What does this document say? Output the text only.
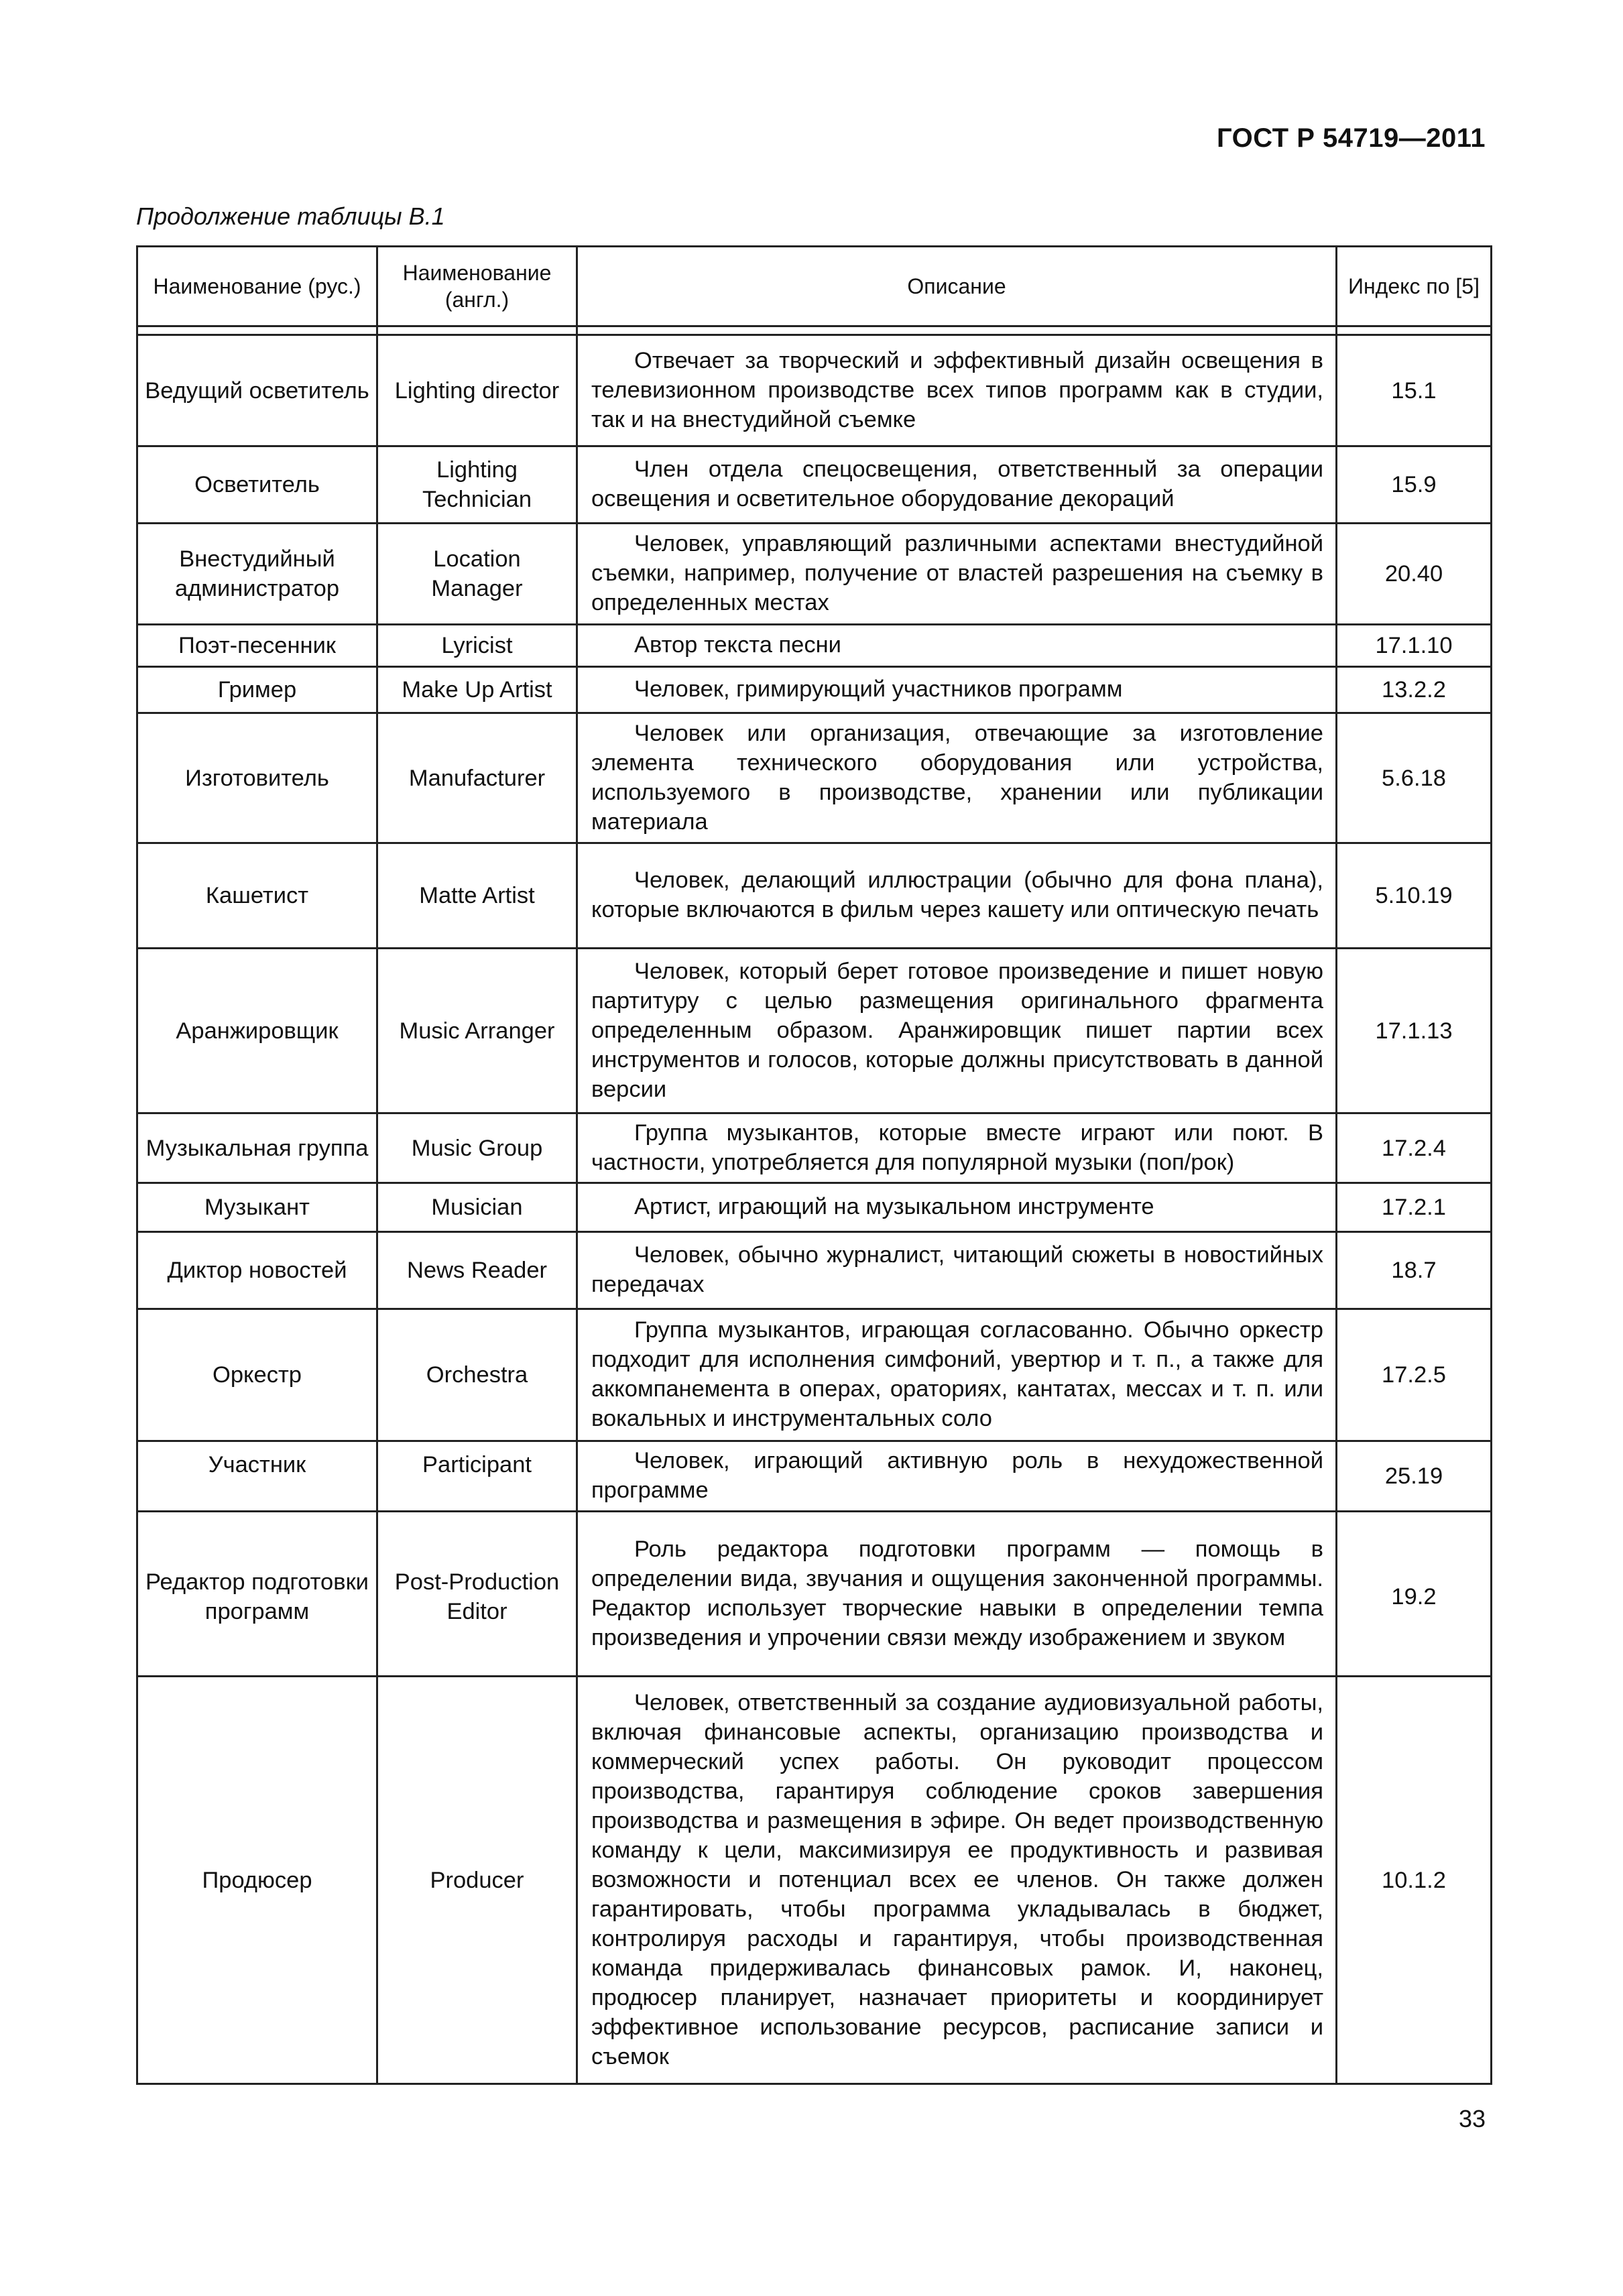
ГОСТ Р 54719—2011
Продолжение таблицы В.1
Наименование (рус.)	Наименование (англ.)	Описание	Индекс по [5]

Ведущий осветитель	Lighting director	Отвечает за творческий и эффективный дизайн освещения в телевизионном производстве всех типов программ как в студии, так и на внестудийной съемке	15.1
Осветитель	Lighting Technician	Член отдела спецосвещения, ответственный за операции освещения и осветительное оборудование декораций	15.9
Внестудийный администратор	Location Manager	Человек, управляющий различными аспектами внестудийной съемки, например, получение от властей разрешения на съемку в определенных местах	20.40
Поэт-песенник	Lyricist	Автор текста песни	17.1.10
Гример	Make Up Artist	Человек, гримирующий участников программ	13.2.2
Изготовитель	Manufacturer	Человек или организация, отвечающие за изготовление элемента технического оборудования или устройства, используемого в производстве, хранении или публикации материала	5.6.18
Кашетист	Matte Artist	Человек, делающий иллюстрации (обычно для фона плана), которые включаются в фильм через кашету или оптическую печать	5.10.19
Аранжировщик	Music Arranger	Человек, который берет готовое произведение и пишет новую партитуру с целью размещения оригинального фрагмента определенным образом. Аранжировщик пишет партии всех инструментов и голосов, которые должны присутствовать в данной версии	17.1.13
Музыкальная группа	Music Group	Группа музыкантов, которые вместе играют или поют. В частности, употребляется для популярной музыки (поп/рок)	17.2.4
Музыкант	Musician	Артист, играющий на музыкальном инструменте	17.2.1
Диктор новостей	News Reader	Человек, обычно журналист, читающий сюжеты в новостийных передачах	18.7
Оркестр	Orchestra	Группа музыкантов, играющая согласованно. Обычно оркестр подходит для исполнения симфоний, увертюр и т. п., а также для аккомпанемента в операх, ораториях, кантатах, мессах и т. п. или вокальных и инструментальных соло	17.2.5
Участник	Participant	Человек, играющий активную роль в нехудожественной программе	25.19
Редактор подготовки программ	Post-Production Editor	Роль редактора подготовки программ — помощь в определении вида, звучания и ощущения законченной программы. Редактор использует творческие навыки в определении темпа произведения и упрочении связи между изображением и звуком	19.2
Продюсер	Producer	Человек, ответственный за создание аудиовизуальной работы, включая финансовые аспекты, организацию производства и коммерческий успех работы. Он руководит процессом производства, гарантируя соблюдение сроков завершения производства и размещения в эфире. Он ведет производственную команду к цели, максимизируя ее продуктивность и развивая возможности и потенциал всех ее членов. Он также должен гарантировать, чтобы программа укладывалась в бюджет, контролируя расходы и гарантируя, чтобы производственная команда придерживалась финансовых рамок. И, наконец, продюсер планирует, назначает приоритеты и координирует эффективное использование ресурсов, расписание записи и съемок	10.1.2
33
